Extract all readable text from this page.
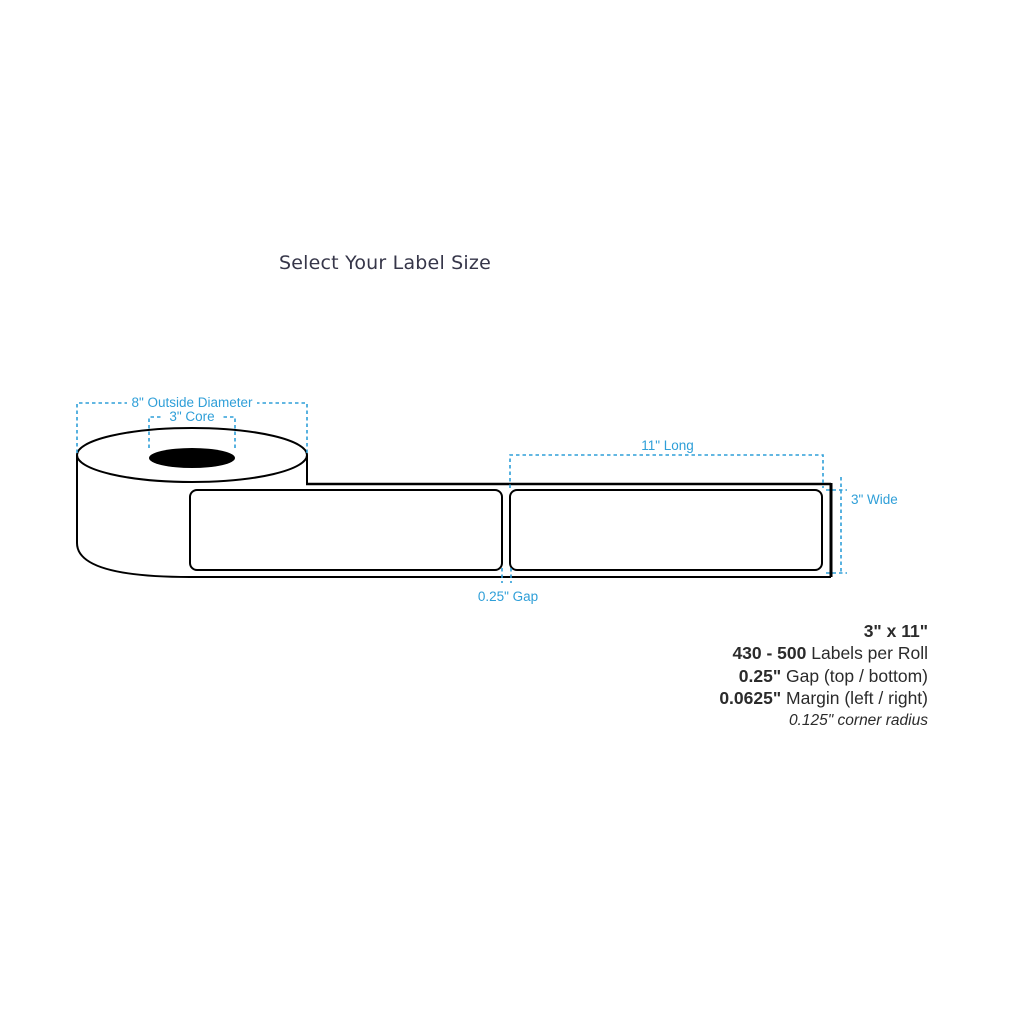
Select Your Label Size
8" Outside Diameter
3" Core
11" Long
3" Wide
0.25" Gap
3" x 11"
430 - 500 Labels per Roll
0.25" Gap (top / bottom)
0.0625" Margin (left / right)
0.125" corner radius
